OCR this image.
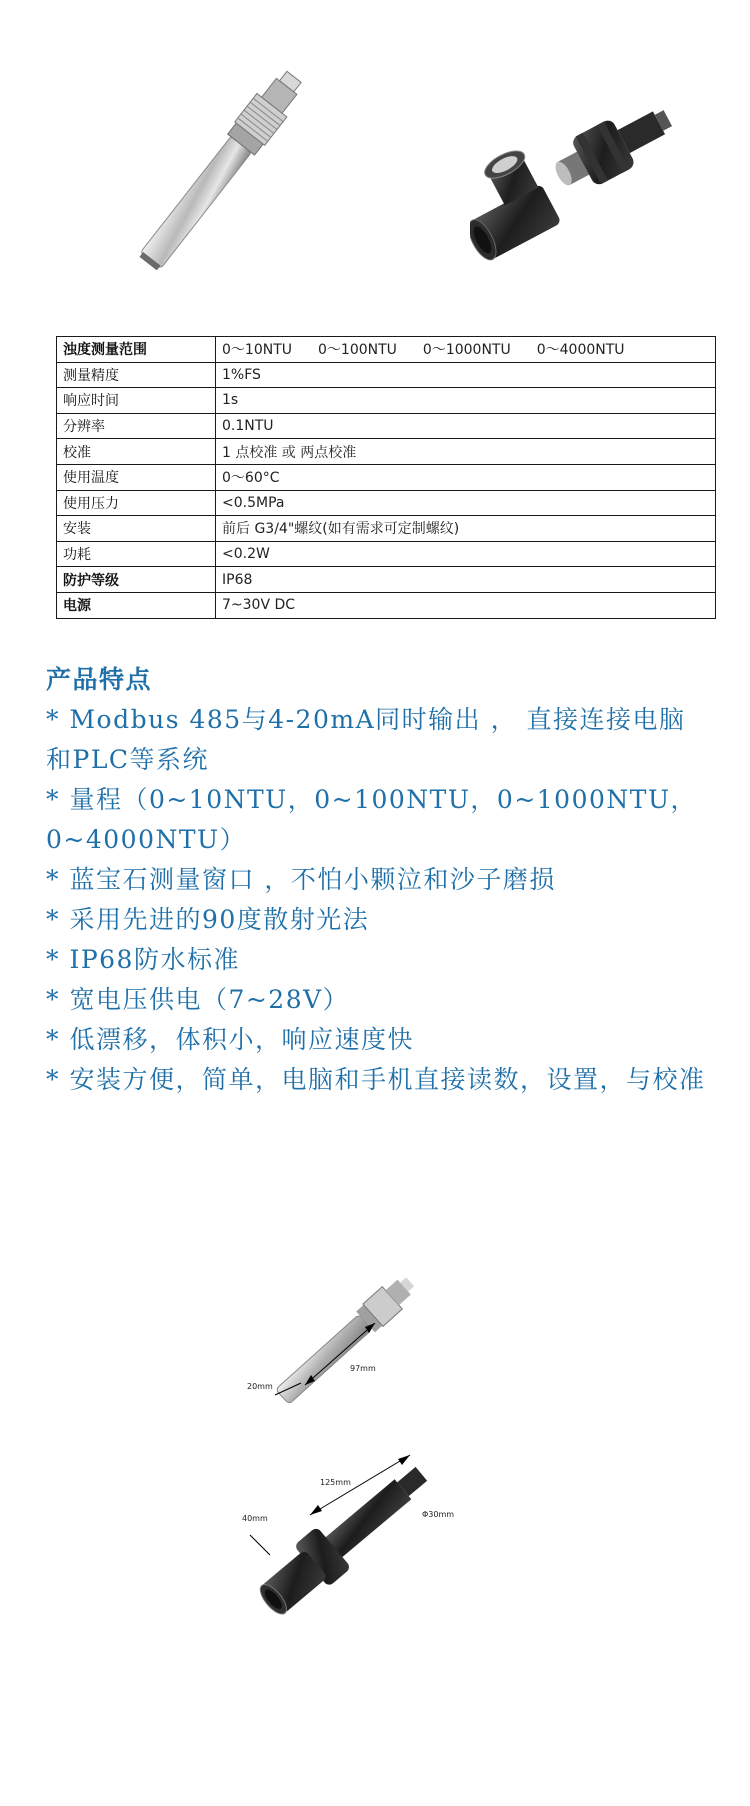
浊度测量范围	0～10NTU 0～100NTU 0～1000NTU 0～4000NTU
测量精度	1%FS
响应时间	1s
分辨率	0.1NTU
校准	1 点校准 或 两点校准
使用温度	0～60°C
使用压力	<0.5MPa
安装	前后 G3/4"螺纹(如有需求可定制螺纹)
功耗	<0.2W
防护等级	IP68
电源	7~30V DC
产品特点
* Modbus 485与4-20mA同时输出 ， 直接连接电脑和PLC等系统
* 量程（0~10NTU，0~100NTU，0~1000NTU，0~4000NTU）
* 蓝宝石测量窗口 ，不怕小颗泣和沙子磨损
* 采用先进的90度散射光法
* IP68防水标准
* 宽电压供电（7~28V）
* 低漂移，体积小，响应速度快
* 安装方便，简单，电脑和手机直接读数，设置，与校准
20mm
97mm
125mm
40mm	Φ30mm
